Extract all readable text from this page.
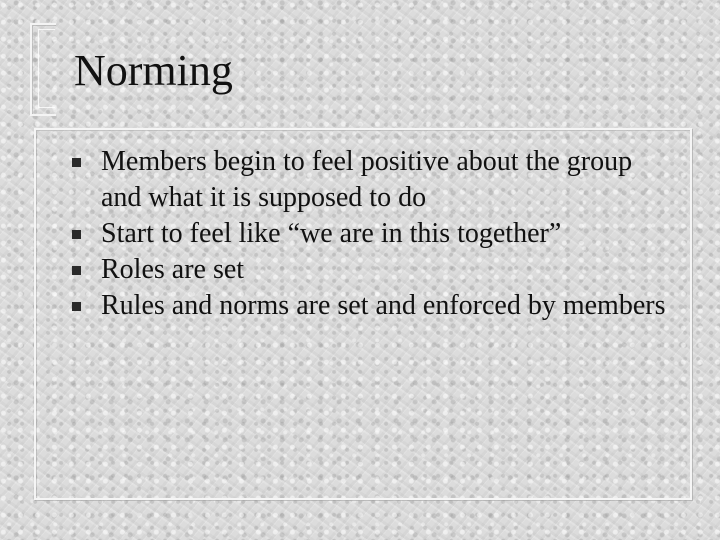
Norming
Members begin to feel positive about the group and what it is supposed to do
Start to feel like “we are in this together”
Roles are set
Rules and norms are set and enforced by members
